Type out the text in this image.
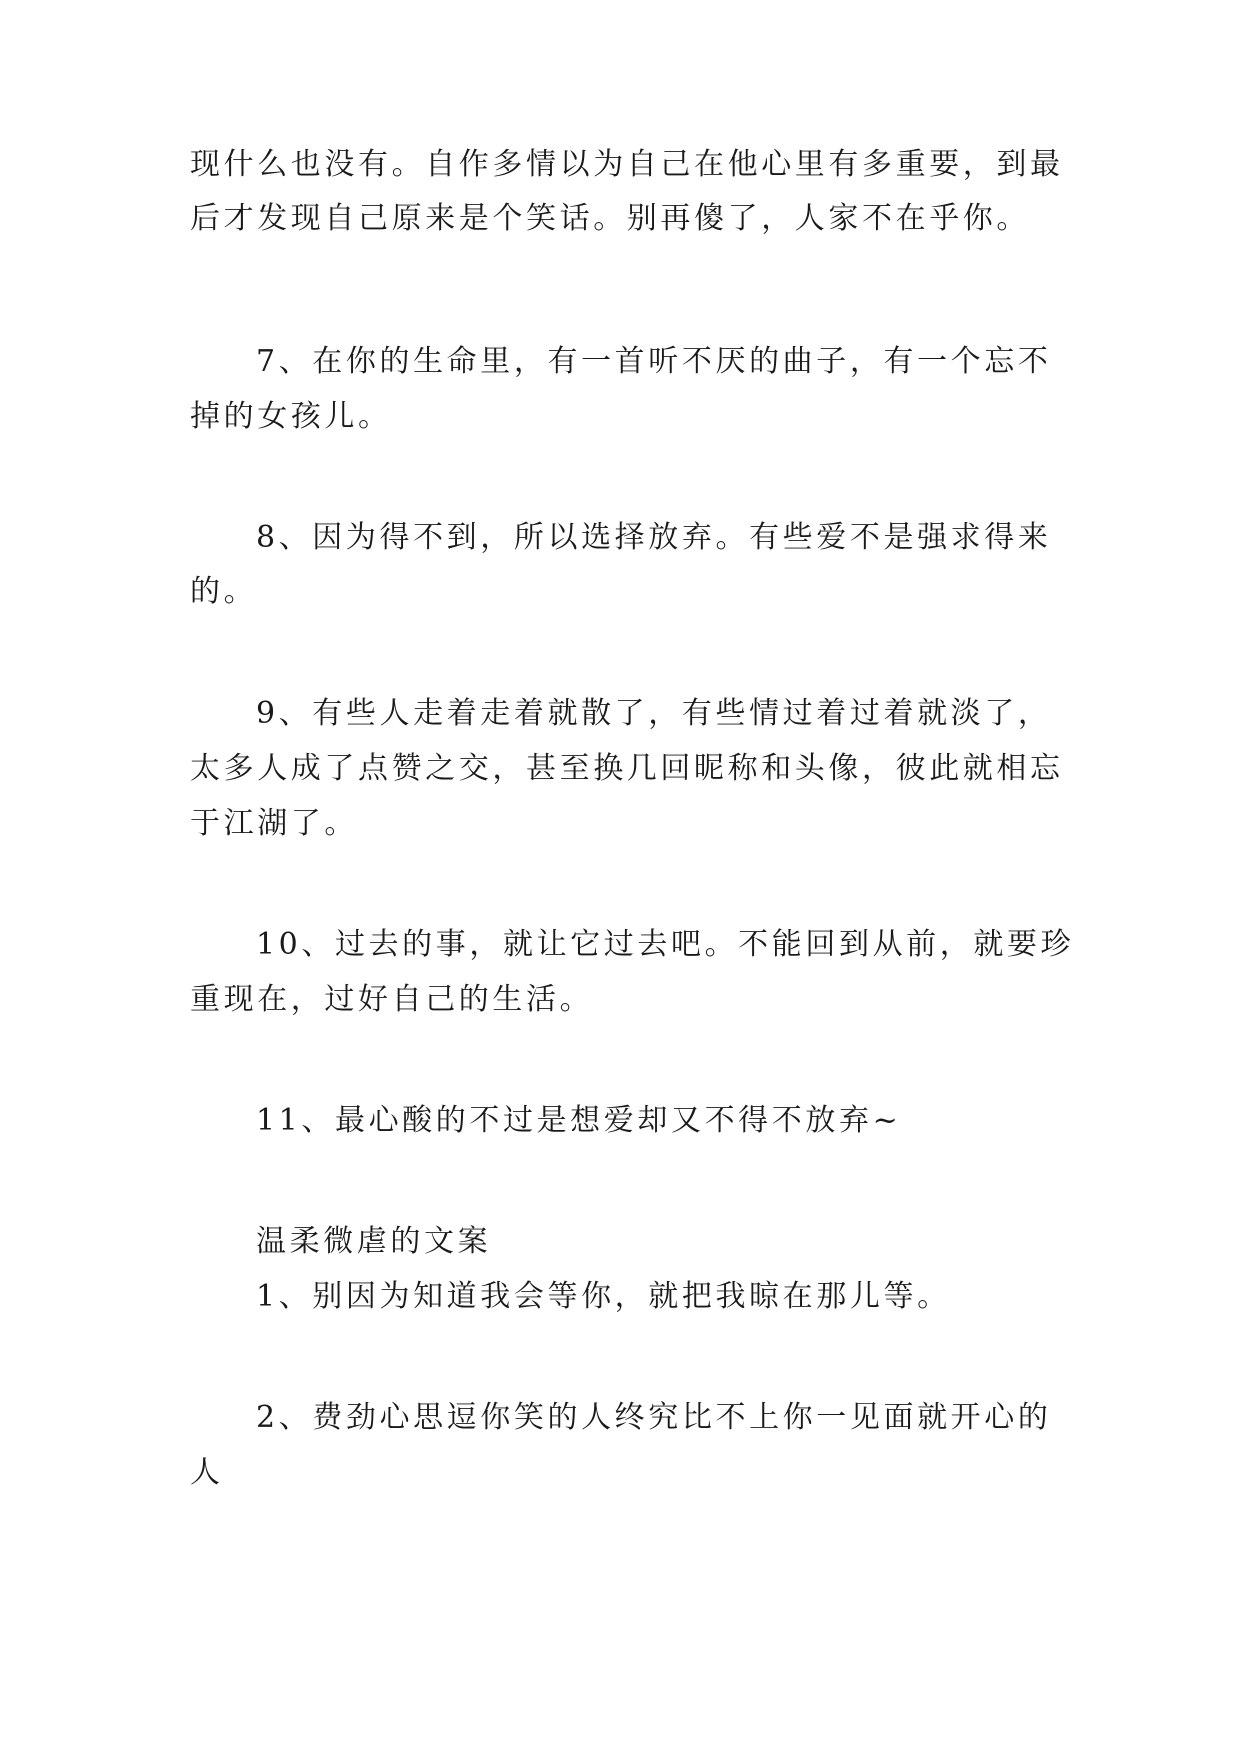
现什么也没有。自作多情以为自己在他心里有多重要，到最
后才发现自己原来是个笑话。别再傻了，人家不在乎你。
7、在你的生命里，有一首听不厌的曲子，有一个忘不
掉的女孩儿。
8、因为得不到，所以选择放弃。有些爱不是强求得来
的。
9、有些人走着走着就散了，有些情过着过着就淡了，
太多人成了点赞之交，甚至换几回昵称和头像，彼此就相忘
于江湖了。
10、过去的事，就让它过去吧。不能回到从前，就要珍
重现在，过好自己的生活。
11、最心酸的不过是想爱却又不得不放弃~
温柔微虐的文案
1、别因为知道我会等你，就把我晾在那儿等。
2、费劲心思逗你笑的人终究比不上你一见面就开心的
人
